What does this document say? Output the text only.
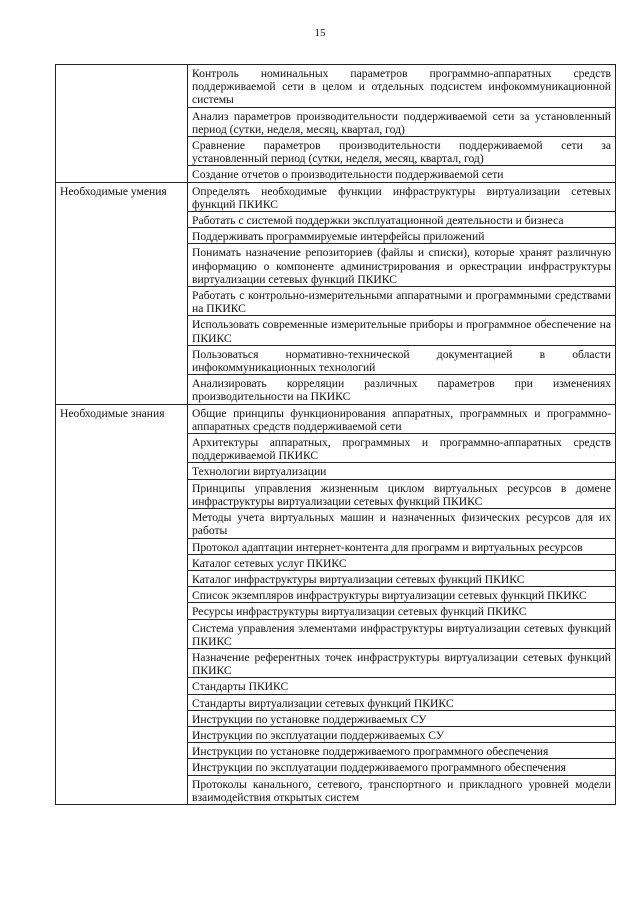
15
	Контроль номинальных параметров программно-аппаратных средств поддерживаемой сети в целом и отдельных подсистем инфокоммуникационной системы
	Анализ параметров производительности поддерживаемой сети за установленный период (сутки, неделя, месяц, квартал, год)
	Сравнение параметров производительности поддерживаемой сети за установленный период (сутки, неделя, месяц, квартал, год)
	Создание отчетов о производительности поддерживаемой сети
Необходимые умения	Определять необходимые функции инфраструктуры виртуализации сетевых функций ПКИКС
	Работать с системой поддержки эксплуатационной деятельности и бизнеса
	Поддерживать программируемые интерфейсы приложений
	Понимать назначение репозиториев (файлы и списки), которые хранят различную информацию о компоненте администрирования и оркестрации инфраструктуры виртуализации сетевых функций ПКИКС
	Работать с контрольно-измерительными аппаратными и программными средствами на ПКИКС
	Использовать современные измерительные приборы и программное обеспечение на ПКИКС
	Пользоваться нормативно-технической документацией в области инфокоммуникационных технологий
	Анализировать корреляции различных параметров при изменениях производительности на ПКИКС
Необходимые знания	Общие принципы функционирования аппаратных, программных и программно-аппаратных средств поддерживаемой сети
	Архитектуры аппаратных, программных и программно-аппаратных средств поддерживаемой ПКИКС
	Технологии виртуализации
	Принципы управления жизненным циклом виртуальных ресурсов в домене инфраструктуры виртуализации сетевых функций ПКИКС
	Методы учета виртуальных машин и назначенных физических ресурсов для их работы
	Протокол адаптации интернет-контента для программ и виртуальных ресурсов
	Каталог сетевых услуг ПКИКС
	Каталог инфраструктуры виртуализации сетевых функций ПКИКС
	Список экземпляров инфраструктуры виртуализации сетевых функций ПКИКС
	Ресурсы инфраструктуры виртуализации сетевых функций ПКИКС
	Система управления элементами инфраструктуры виртуализации сетевых функций ПКИКС
	Назначение референтных точек инфраструктуры виртуализации сетевых функций ПКИКС
	Стандарты ПКИКС
	Стандарты виртуализации сетевых функций ПКИКС
	Инструкции по установке поддерживаемых СУ
	Инструкции по эксплуатации поддерживаемых СУ
	Инструкции по установке поддерживаемого программного обеспечения
	Инструкции по эксплуатации поддерживаемого программного обеспечения
	Протоколы канального, сетевого, транспортного и прикладного уровней модели взаимодействия открытых систем
